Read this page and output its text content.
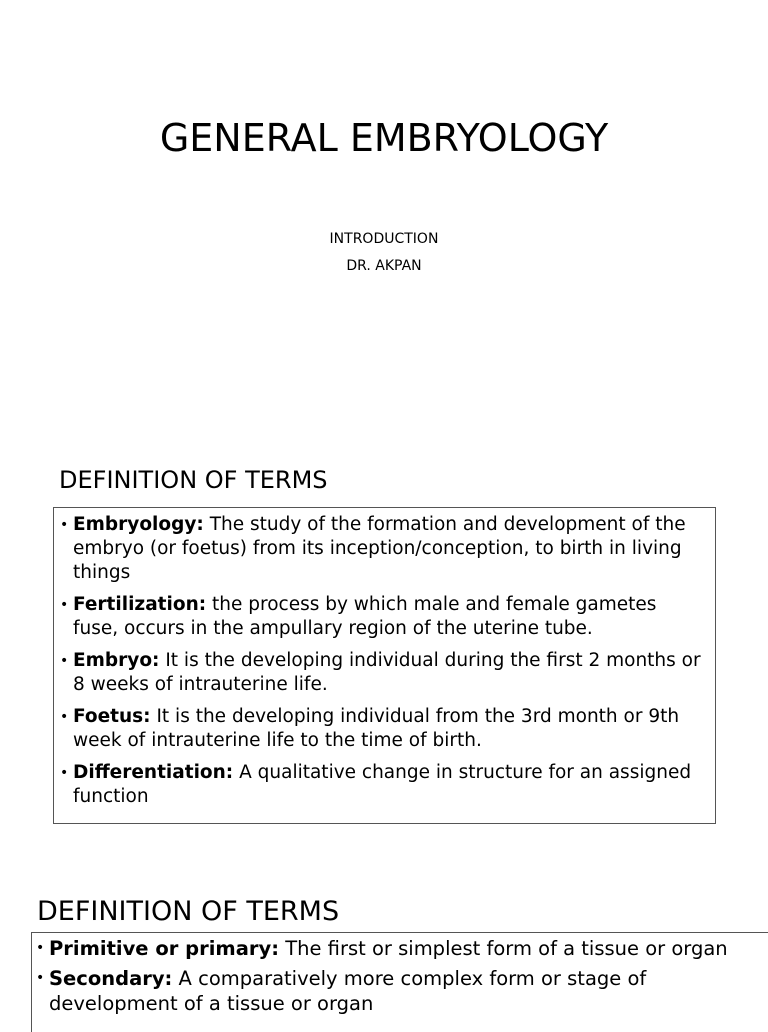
GENERAL EMBRYOLOGY
INTRODUCTION
DR. AKPAN
DEFINITION OF TERMS
• Embryology: The study of the formation and development of the embryo (or foetus) from its inception/conception, to birth in living things
• Fertilization: the process by which male and female gametes fuse, occurs in the ampullary region of the uterine tube.
• Embryo: It is the developing individual during the first 2 months or 8 weeks of intrauterine life.
• Foetus: It is the developing individual from the 3rd month or 9th week of intrauterine life to the time of birth.
• Differentiation: A qualitative change in structure for an assigned function
DEFINITION OF TERMS
• Primitive or primary: The first or simplest form of a tissue or organ
• Secondary: A comparatively more complex form or stage of development of a tissue or organ
